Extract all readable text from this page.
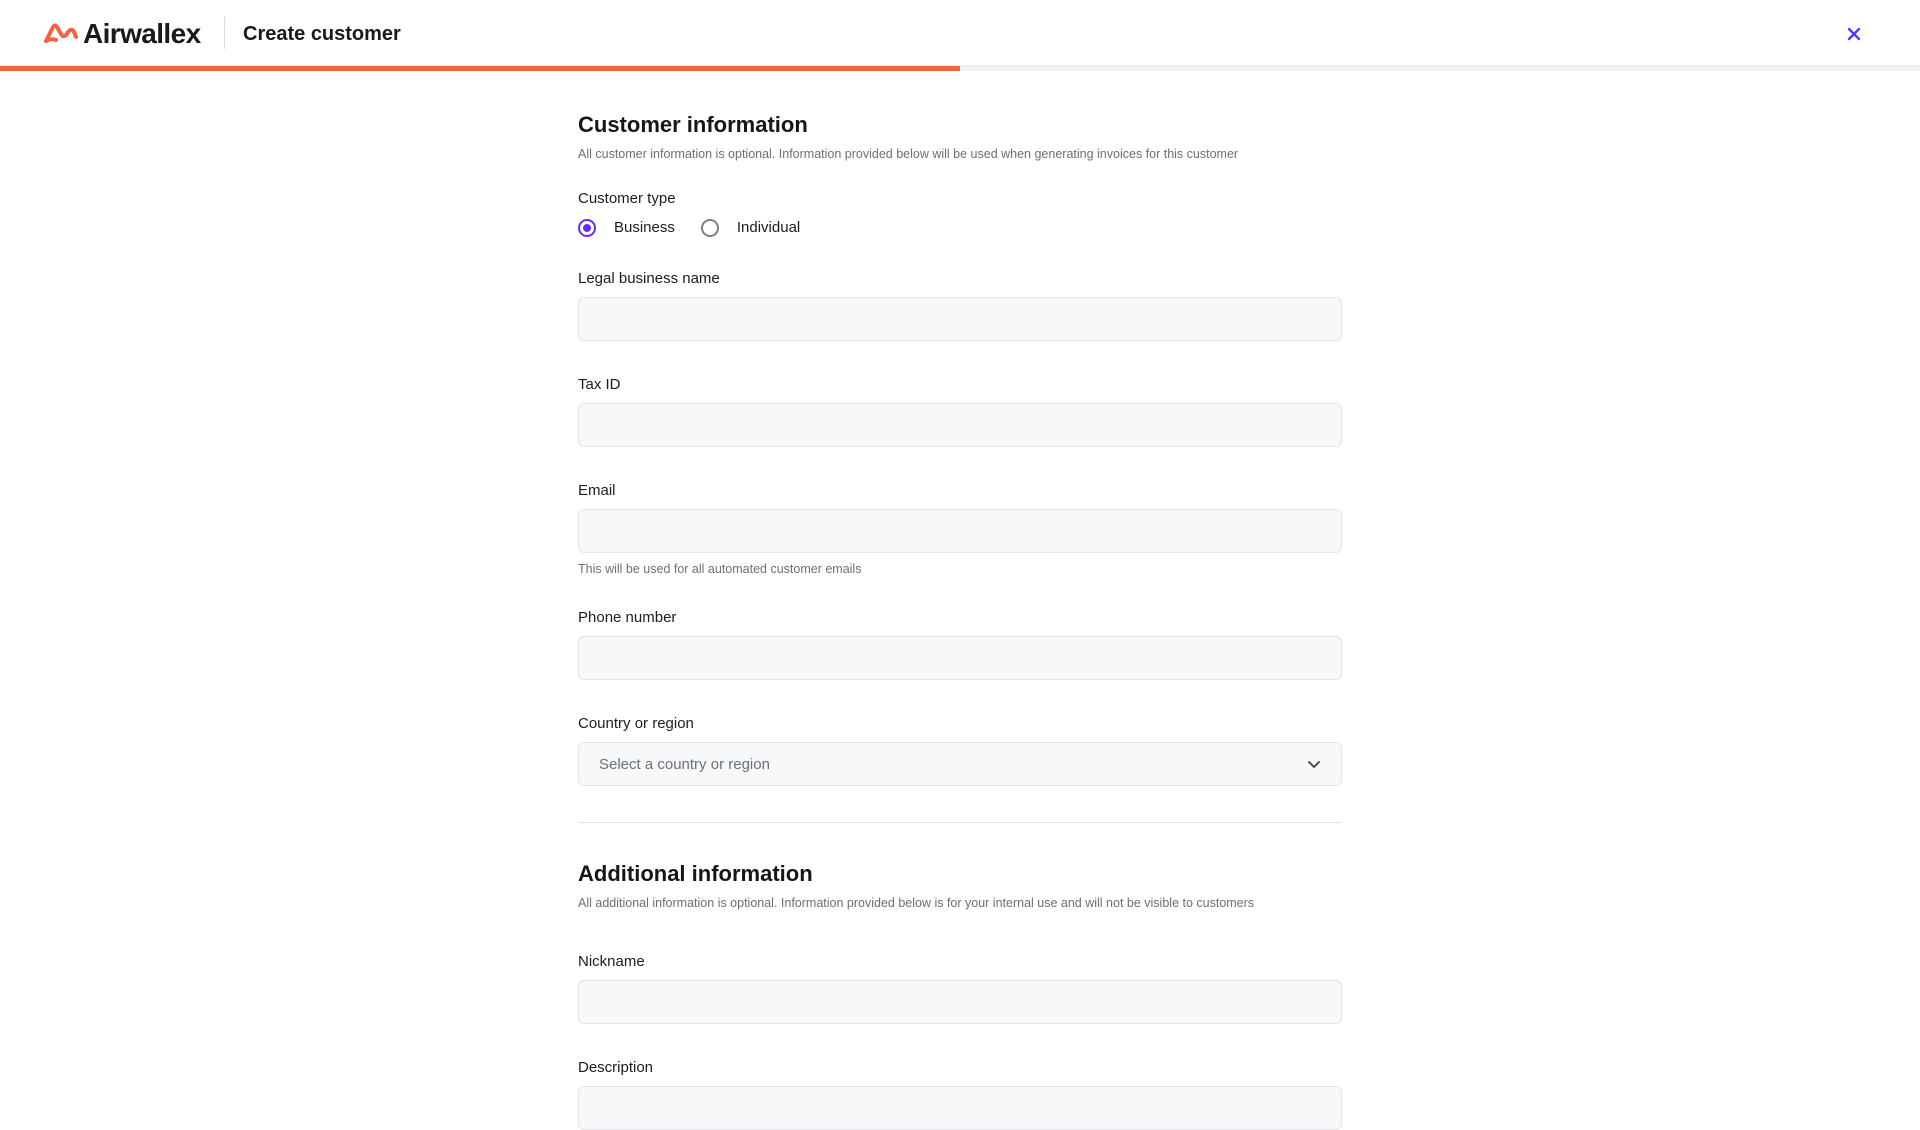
Airwallex Create customer
Customer information
All customer information is optional. Information provided below will be used when generating invoices for this customer
Customer type
Business	Individual
Legal business name
Tax ID
Email
This will be used for all automated customer emails
Phone number
Country or region
Select a country or region
Additional information
All additional information is optional. Information provided below is for your internal use and will not be visible to customers
Nickname
Description
